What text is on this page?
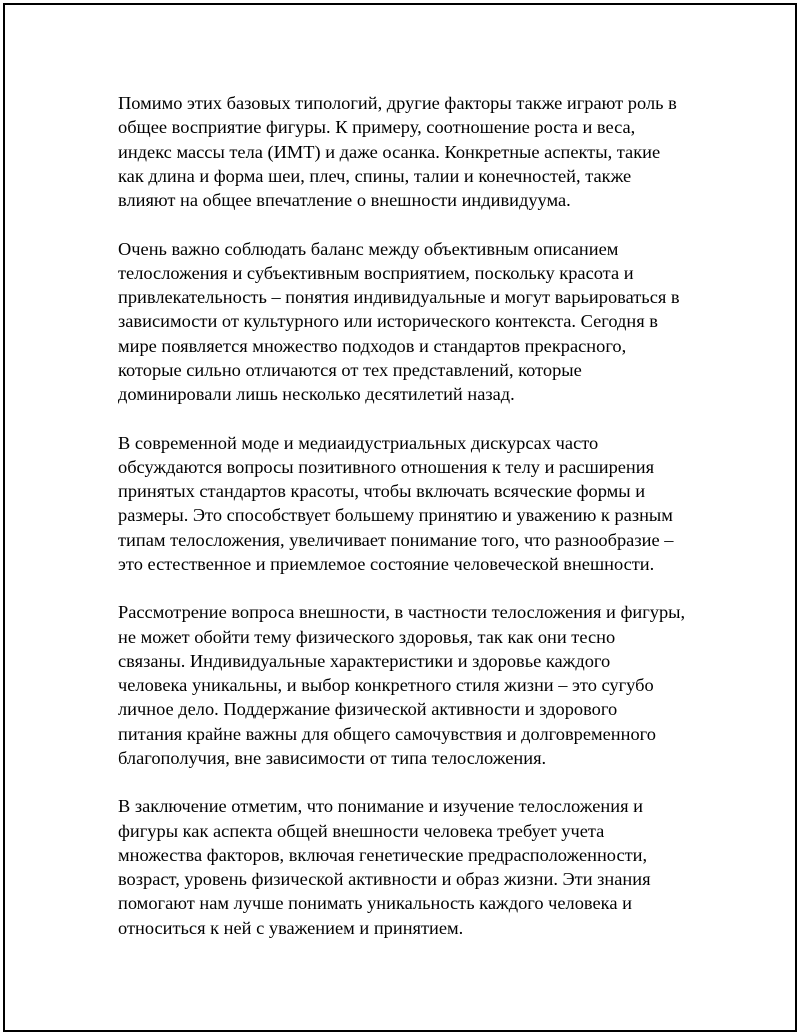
Помимо этих базовых типологий, другие факторы также играют роль в
общее восприятие фигуры. К примеру, соотношение роста и веса,
индекс массы тела (ИМТ) и даже осанка. Конкретные аспекты, такие
как длина и форма шеи, плеч, спины, талии и конечностей, также
влияют на общее впечатление о внешности индивидуума.

Очень важно соблюдать баланс между объективным описанием
телосложения и субъективным восприятием, поскольку красота и
привлекательность – понятия индивидуальные и могут варьироваться в
зависимости от культурного или исторического контекста. Сегодня в
мире появляется множество подходов и стандартов прекрасного,
которые сильно отличаются от тех представлений, которые
доминировали лишь несколько десятилетий назад.

В современной моде и медиаидустриальных дискурсах часто
обсуждаются вопросы позитивного отношения к телу и расширения
принятых стандартов красоты, чтобы включать всяческие формы и
размеры. Это способствует большему принятию и уважению к разным
типам телосложения, увеличивает понимание того, что разнообразие –
это естественное и приемлемое состояние человеческой внешности.

Рассмотрение вопроса внешности, в частности телосложения и фигуры,
не может обойти тему физического здоровья, так как они тесно
связаны. Индивидуальные характеристики и здоровье каждого
человека уникальны, и выбор конкретного стиля жизни – это сугубо
личное дело. Поддержание физической активности и здорового
питания крайне важны для общего самочувствия и долговременного
благополучия, вне зависимости от типа телосложения.

В заключение отметим, что понимание и изучение телосложения и
фигуры как аспекта общей внешности человека требует учета
множества факторов, включая генетические предрасположенности,
возраст, уровень физической активности и образ жизни. Эти знания
помогают нам лучше понимать уникальность каждого человека и
относиться к ней с уважением и принятием.
